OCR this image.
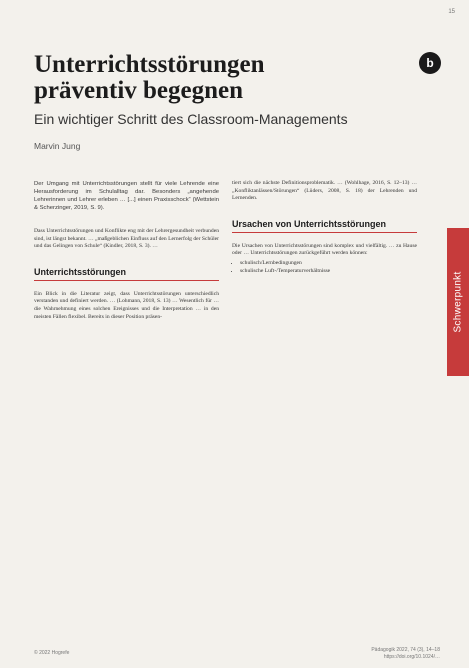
15
b
Unterrichtsstörungen präventiv begegnen
Ein wichtiger Schritt des Classroom-Managements
Marvin Jung

Der Umgang mit Unterrichtsstörungen stellt für viele Lehrende eine Herausforderung im Schulalltag dar. Besonders „angehende Lehrerinnen und Lehrer erleben … [...] einen Praxisschock“ (Wettstein & Scherzinger, 2019, S. 9).

Dass Unterrichtsstörungen und Konflikte eng mit der Lehrergesundheit verbunden sind, ist längst bekannt. … „maßgeblichen Einfluss auf den Lernerfolg der Schüler und das Gelingen von Schule“ (Kindler, 2018, S. 3). …

Unterrichtsstörungen

Ein Blick in die Literatur zeigt, dass Unterrichtsstörungen unterschiedlich verstanden und definiert werden. … (Lohmann, 2018, S. 13) … Wesentlich für … die Wahrnehmung eines solchen Ereignisses und die Interpretation … in den meisten Fällen flexibel. Bereits in dieser Position präsen-

tiert sich die nächste Definitionsproblematik. … (Wohlhage, 2016, S. 12–13) … „Konfliktanlässen/Störungen“ (Lüders, 2008, S. 18) der Lehrenden und Lernenden.

Ursachen von Unterrichtsstörungen

Die Ursachen von Unterrichtsstörungen sind komplex und vielfältig. … zu Hause oder … Unterrichtsstörungen zurückgeführt werden können:

• schulisch/Lernbedingungen
• schulische Luft-/Temperaturverhältnisse
Schwerpunkt
© 2022 Hogrefe	Pädagogik 2022, 74 (3), 14–18
https://doi.org/10.1024/…
